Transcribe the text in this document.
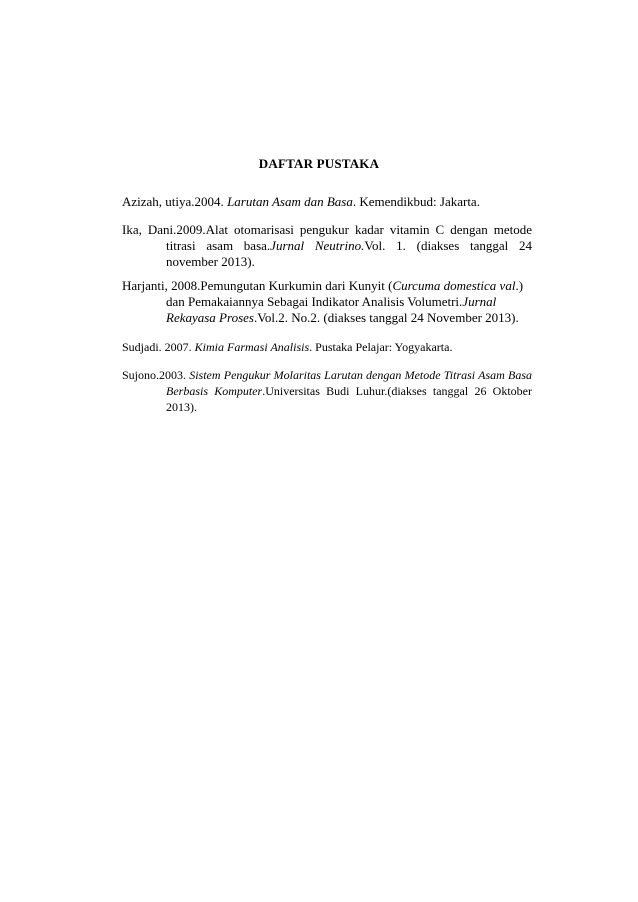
DAFTAR PUSTAKA

Azizah, utiya.2004. Larutan Asam dan Basa. Kemendikbud: Jakarta.

Ika, Dani.2009.Alat otomarisasi pengukur kadar vitamin C dengan metode titrasi asam basa.Jurnal Neutrino.Vol. 1. (diakses tanggal 24 november 2013).

Harjanti, 2008.Pemungutan Kurkumin dari Kunyit (Curcuma domestica val.) dan Pemakaiannya Sebagai Indikator Analisis Volumetri.Jurnal Rekayasa Proses.Vol.2. No.2. (diakses tanggal 24 November 2013).

Sudjadi. 2007. Kimia Farmasi Analisis. Pustaka Pelajar: Yogyakarta.

Sujono.2003. Sistem Pengukur Molaritas Larutan dengan Metode Titrasi Asam Basa Berbasis Komputer.Universitas Budi Luhur.(diakses tanggal 26 Oktober 2013).
